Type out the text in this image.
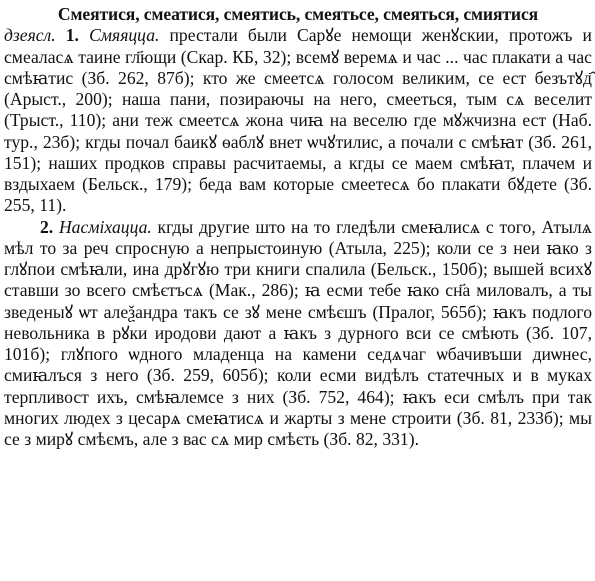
Смеятися, смеатися, смеятись, смеятьсе, смеяться, смиятися

дзеясл. 1. Смяяцца. престали были Сарꙋе немощи женꙋскии, протожъ и смеаласѧ таине гл҃ющи (Скар. КБ, 32); всемꙋ веремѧ и час ... час плакати а час смѣꙗтис (Зб. 262, 87б); кто же смеетсѧ голосом великим, се ест безътꙋд҄ (Арыст., 200); наша пани, позираючы на него, смееться, тым сѧ веселит (Трыст., 110); ани теж смеетсѧ жона чиꙗ на веселю где мꙋжчизна ест (Наб. тур., 23б); кгды почал баикꙋ ѳаблꙋ внет ѡчꙋтилис, а почали с смѣꙗт (Зб. 261, 151); наших продков справы расчитаемы, а кгды се маем смѣꙗт, плачем и вздыхаем (Бельск., 179); беда вам которые смеетесѧ бо плакати бꙋдете (Зб. 255, 11).

2. Насміхацца. кгды другие што на то гледѣли смеꙗлисѧ с того, Атылѧ мѣл то за реч спросную а непрыстоиную (Атыла, 225); коли се з неи ꙗко з глꙋпои смѣꙗли, ина дрꙋгꙋю три книги спалила (Бельск., 150б); вышей всихꙋ ставши зо всего смѣєтъсѧ (Мак., 286); ꙗ есми тебе ꙗко сн҃а миловалъ, а ты зведеныꙋ ѡт алеѯандра такъ се зꙋ мене смѣєшъ (Пралог, 565б); ꙗкъ подлого невольника в рꙋки иродови дают а ꙗкъ з дурного вси се смѣють (Зб. 107, 101б); глꙋпого ѡдного младенца на камени седѧчаг ѡбачивъши диѡнес, смиꙗлъся з него (Зб. 259, 605б); коли есми видѣлъ статечных и в муках терпливост ихъ, смѣꙗлемсе з них (Зб. 752, 464); ꙗкъ еси смѣлъ при так многих людех з цесарѧ смеꙗтисѧ и жарты з мене строити (Зб. 81, 233б); мы се з мирꙋ смѣємъ, але з вас сѧ мир смѣєть (Зб. 82, 331).
